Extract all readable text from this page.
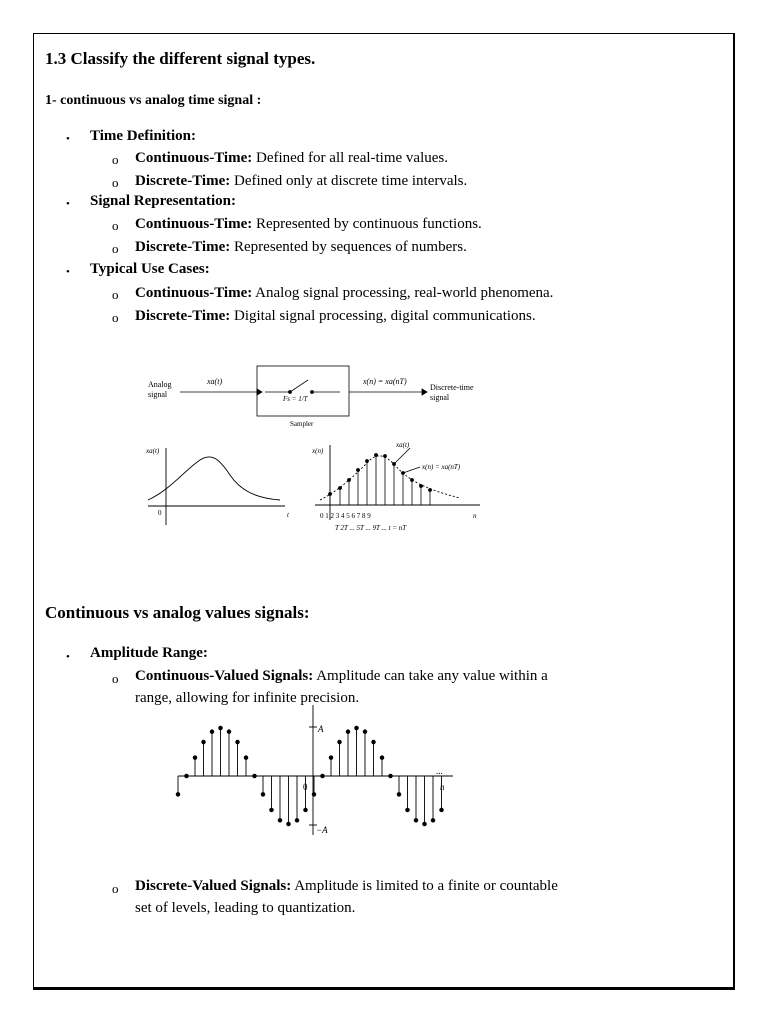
1.3 Classify the different signal types.
1- continuous vs analog time signal :
• Time Definition:
o Continuous-Time: Defined for all real-time values.
o Discrete-Time: Defined only at discrete time intervals.
• Signal Representation:
o Continuous-Time: Represented by continuous functions.
o Discrete-Time: Represented by sequences of numbers.
• Typical Use Cases:
o Continuous-Time: Analog signal processing, real-world phenomena.
o Discrete-Time: Digital signal processing, digital communications.
Analog
signal
xa(t)	x(n) = xa(nT)
Discrete-time
signal
Fs = 1/T
Sampler
xa(t)
0	t
x(n)
xa(t)
x(n) = xa(nT)
0 1 2 3 4 5 6 7 8 9	n
T 2T ... 5T ... 9T ... t = nT
Continuous vs analog values signals:
• Amplitude Range:
o Continuous-Valued Signals: Amplitude can take any value within a
range, allowing for infinite precision.
A
−A
0
...
n
o Discrete-Valued Signals: Amplitude is limited to a finite or countable
set of levels, leading to quantization.
